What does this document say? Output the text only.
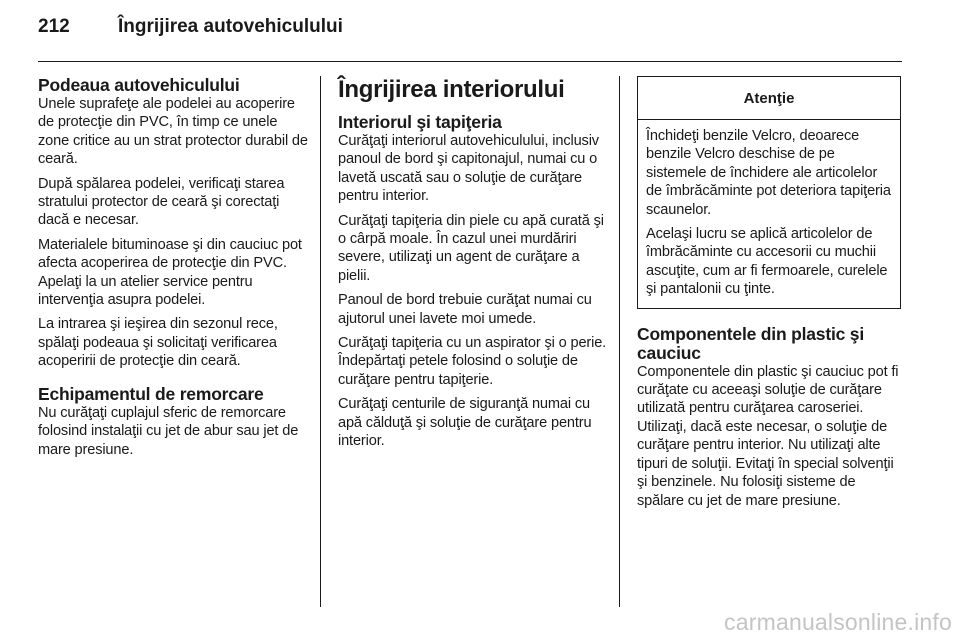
212	Îngrijirea autovehiculului
Podeaua autovehiculului

Unele suprafeţe ale podelei au acoperire de protecţie din PVC, în timp ce unele zone critice au un strat protector durabil de ceară.

După spălarea podelei, verificaţi starea stratului protector de ceară şi corectaţi dacă e necesar.

Materialele bituminoase şi din cauciuc pot afecta acoperirea de protecţie din PVC. Apelaţi la un atelier service pentru intervenţia asupra podelei.

La intrarea şi ieşirea din sezonul rece, spălaţi podeaua şi solicitaţi verificarea acoperirii de protecţie din ceară.

Echipamentul de remorcare

Nu curăţaţi cuplajul sferic de remorcare folosind instalaţii cu jet de abur sau jet de mare presiune.

Îngrijirea interiorului
Interiorul şi tapiţeria

Curăţaţi interiorul autovehiculului, inclusiv panoul de bord şi capitonajul, numai cu o lavetă uscată sau o soluţie de curăţare pentru interior.

Curăţaţi tapiţeria din piele cu apă curată şi o cârpă moale. În cazul unei murdăriri severe, utilizaţi un agent de curăţare a pielii.

Panoul de bord trebuie curăţat numai cu ajutorul unei lavete moi umede.

Curăţaţi tapiţeria cu un aspirator şi o perie. Îndepărtaţi petele folosind o soluţie de curăţare pentru tapiţerie.

Curăţaţi centurile de siguranţă numai cu apă călduţă şi soluţie de curăţare pentru interior.

Atenţie

Închideţi benzile Velcro, deoarece benzile Velcro deschise de pe sistemele de închidere ale articolelor de îmbrăcăminte pot deteriora tapiţeria scaunelor.

Acelaşi lucru se aplică articolelor de îmbrăcăminte cu accesorii cu muchii ascuţite, cum ar fi fermoarele, curelele şi pantalonii cu ţinte.

Componentele din plastic şi cauciuc

Componentele din plastic şi cauciuc pot fi curăţate cu aceeaşi soluţie de curăţare utilizată pentru curăţarea caroseriei. Utilizaţi, dacă este necesar, o soluţie de curăţare pentru interior. Nu utilizaţi alte tipuri de soluţii. Evitaţi în special solvenţii şi benzinele. Nu folosiţi sisteme de spălare cu jet de mare presiune.

carmanualsonline.info
